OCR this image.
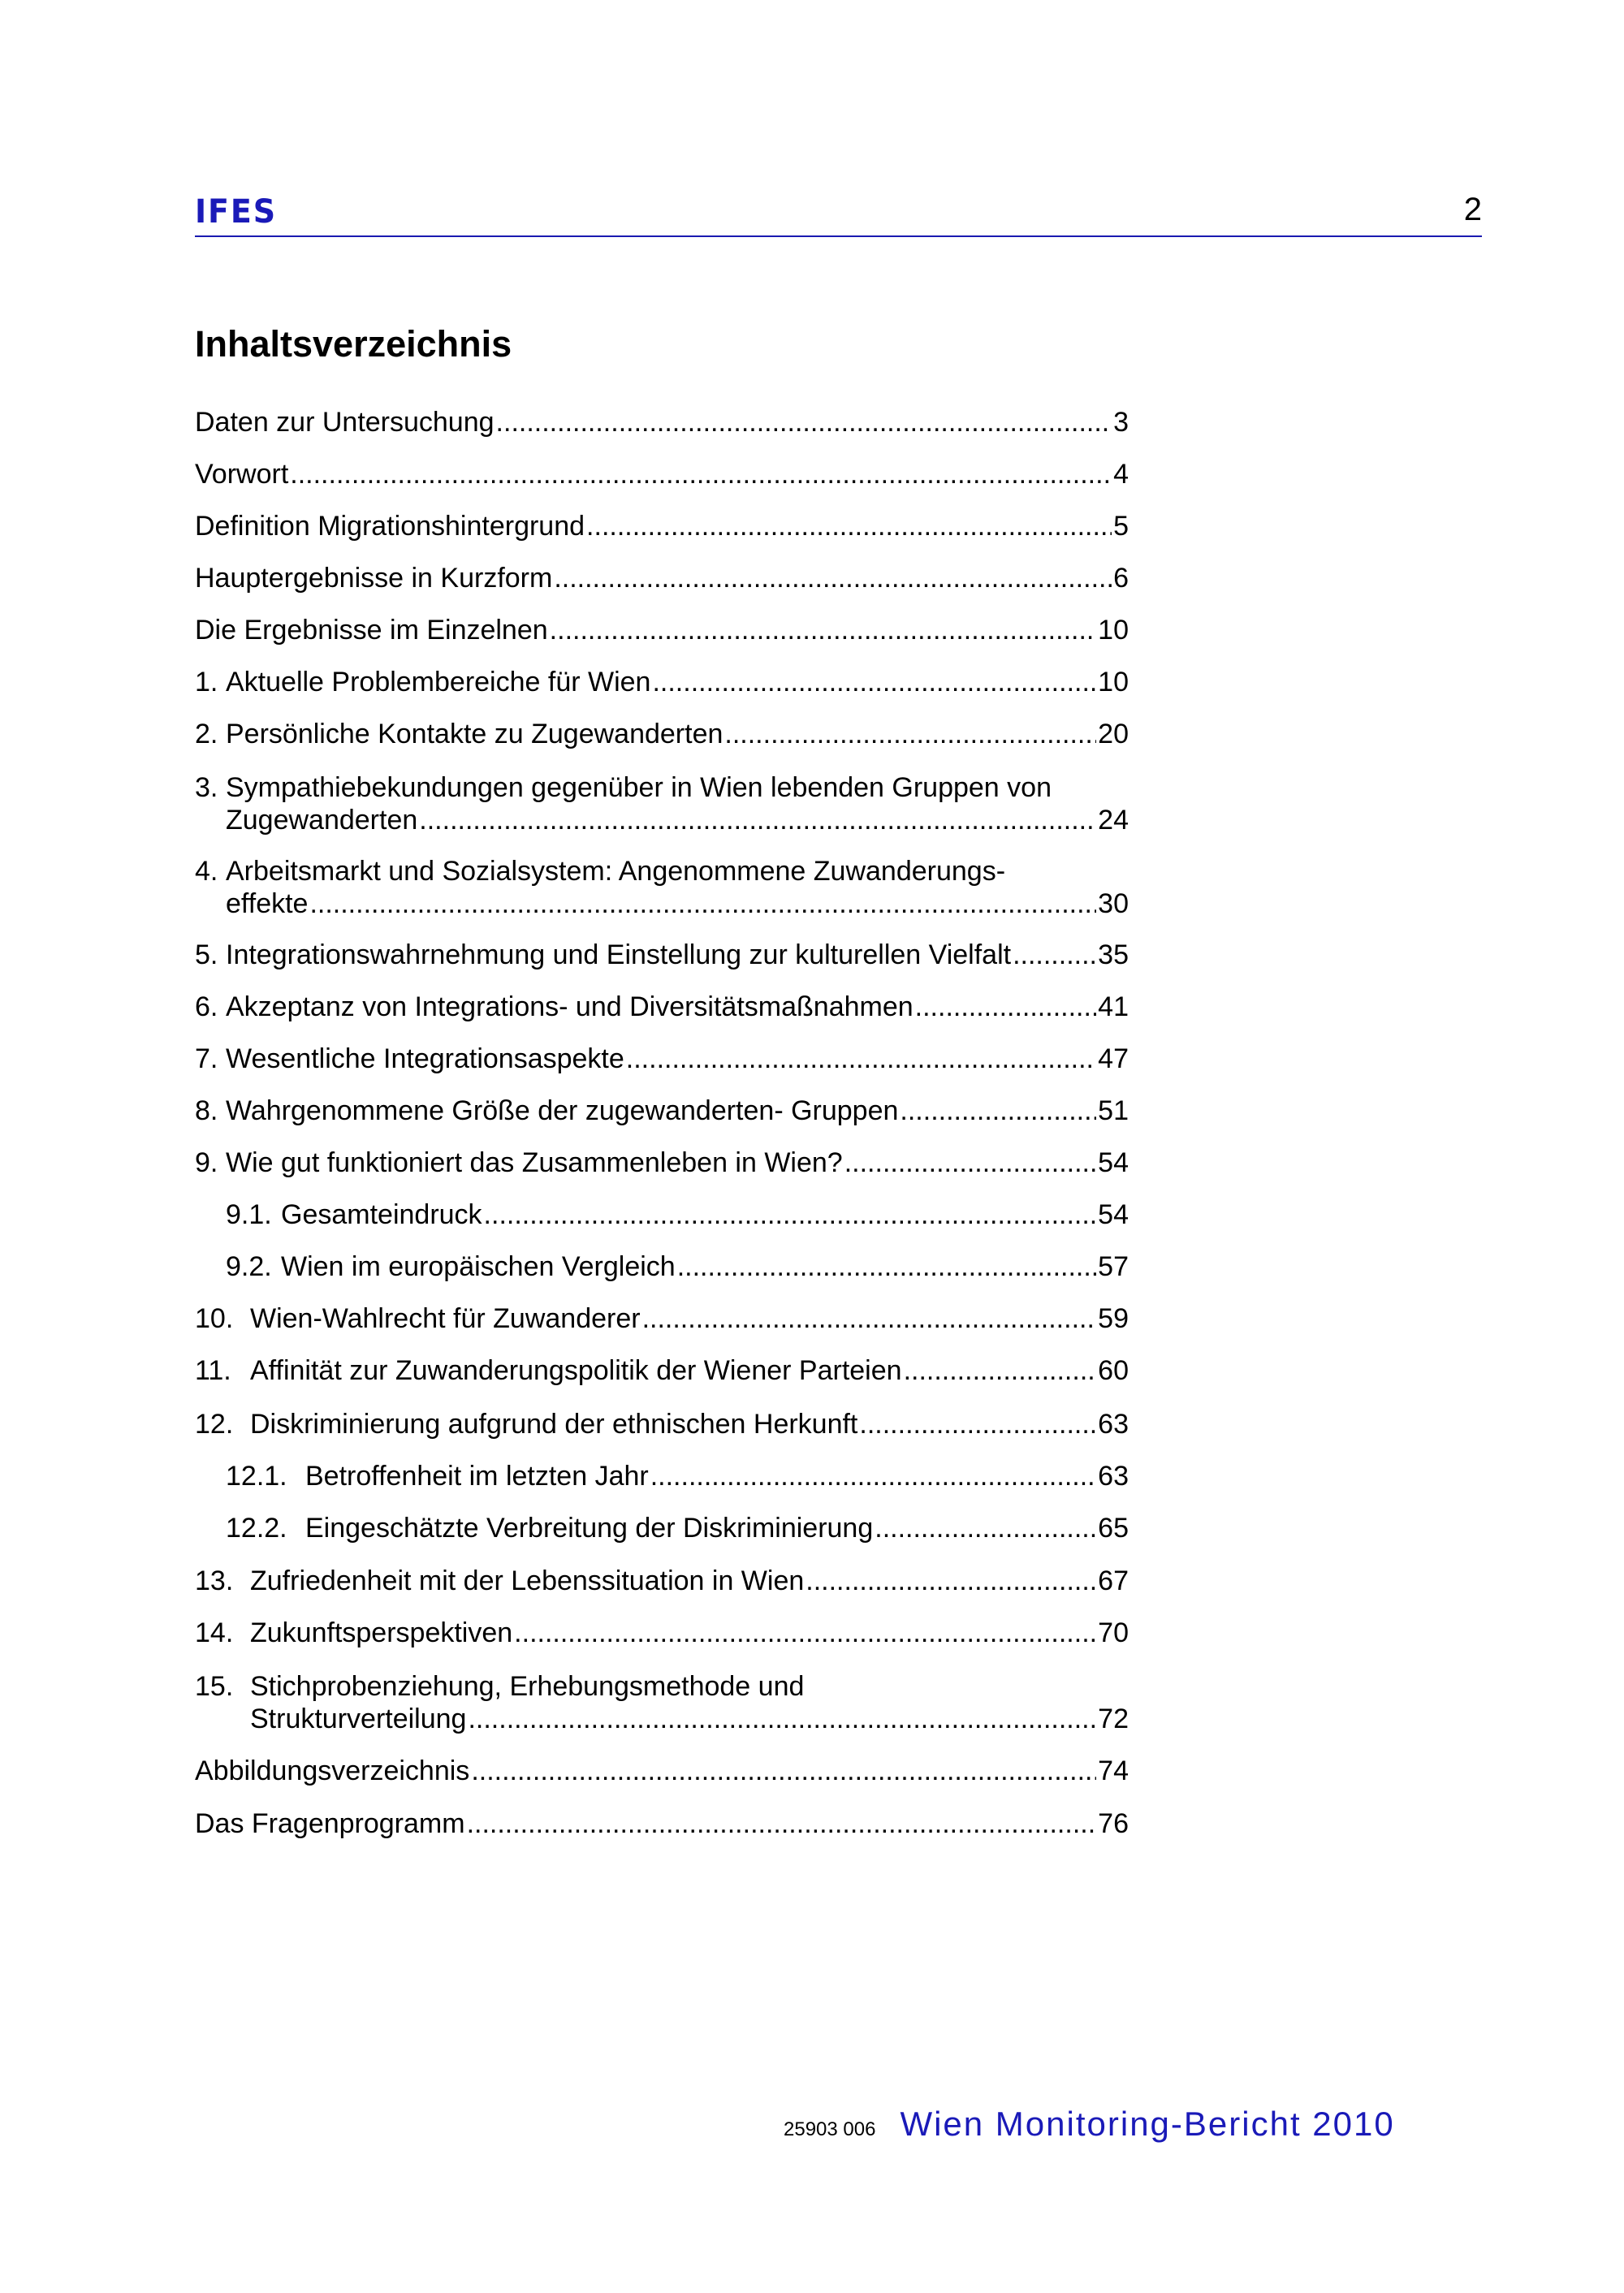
IFES	2
Inhaltsverzeichnis
Daten zur Untersuchung .....	3
Vorwort .....	4
Definition Migrationshintergrund .....	5
Hauptergebnisse in Kurzform .....	6
Die Ergebnisse im Einzelnen .....	10
1. Aktuelle Problembereiche für Wien .....	10
2. Persönliche Kontakte zu Zugewanderten .....	20
3. Sympathiebekundungen gegenüber in Wien lebenden Gruppen von
Zugewanderten .....	24
4. Arbeitsmarkt und Sozialsystem: Angenommene Zuwanderungs-
effekte .....	30
5. Integrationswahrnehmung und Einstellung zur kulturellen Vielfalt .....	35
6. Akzeptanz von Integrations- und Diversitätsmaßnahmen .....	41
7. Wesentliche Integrationsaspekte .....	47
8. Wahrgenommene Größe der zugewanderten- Gruppen .....	51
9. Wie gut funktioniert das Zusammenleben in Wien? .....	54
9.1. Gesamteindruck .....	54
9.2. Wien im europäischen Vergleich .....	57
10. Wien-Wahlrecht für Zuwanderer .....	59
11. Affinität zur Zuwanderungspolitik der Wiener Parteien .....	60
12. Diskriminierung aufgrund der ethnischen Herkunft .....	63
12.1. Betroffenheit im letzten Jahr .....	63
12.2. Eingeschätzte Verbreitung der Diskriminierung .....	65
13. Zufriedenheit mit der Lebenssituation in Wien .....	67
14. Zukunftsperspektiven .....	70
15. Stichprobenziehung, Erhebungsmethode und
Strukturverteilung .....	72
Abbildungsverzeichnis .....	74
Das Fragenprogramm .....	76
25903 006 Wien Monitoring-Bericht 2010
